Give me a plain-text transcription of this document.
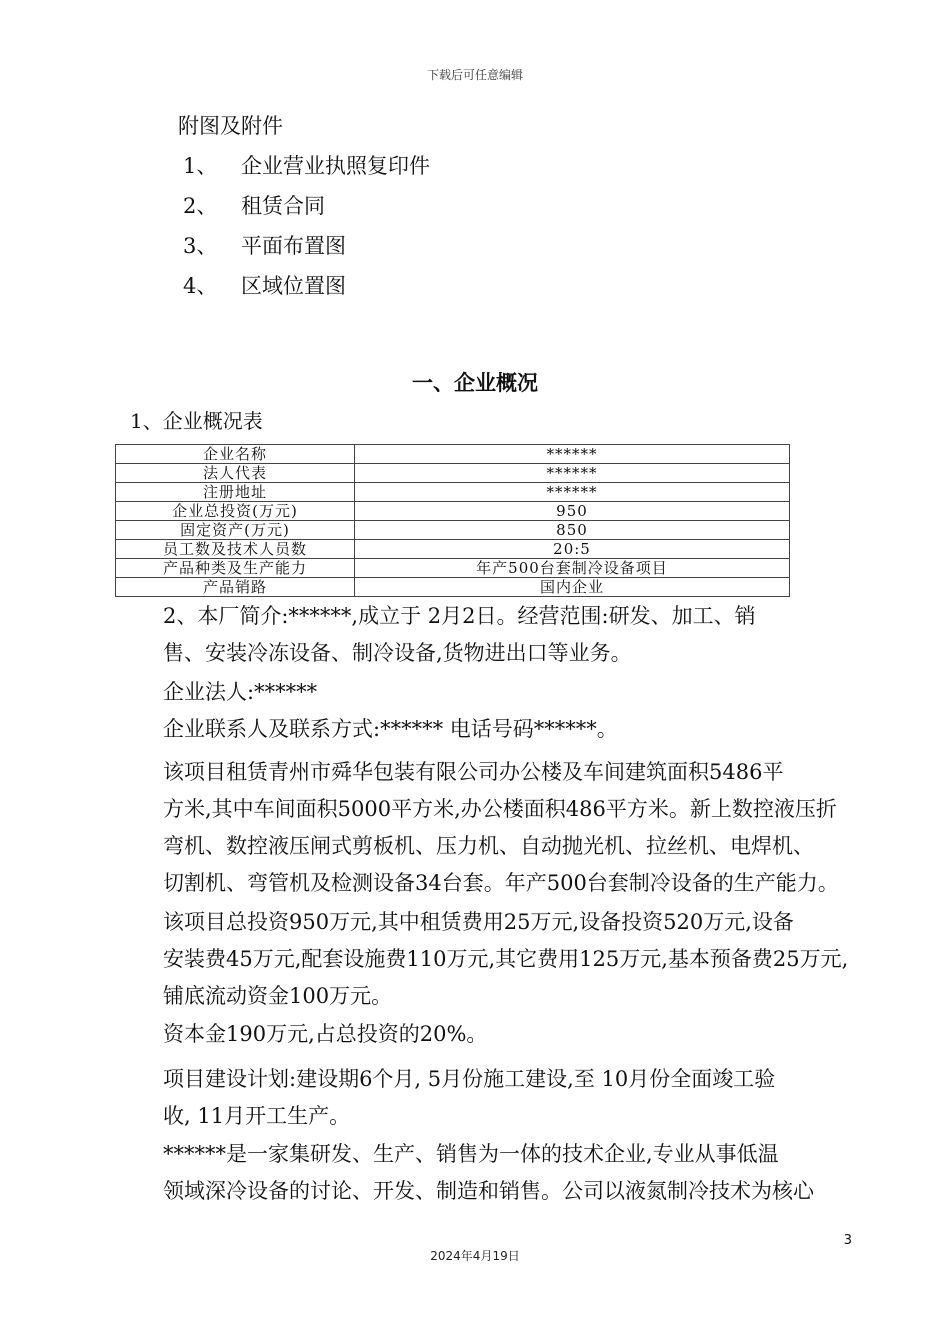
下载后可任意编辑
附图及附件
1、 企业营业执照复印件
2、 租赁合同
3、 平面布置图
4、 区域位置图
一、企业概况
1、企业概况表
企业名称	******
法人代表	******
注册地址	******
企业总投资(万元)	950
固定资产(万元)	850
员工数及技术人员数	20:5
产品种类及生产能力	年产500台套制冷设备项目
产品销路	国内企业
2、本厂简介:******,成立于 2月2日。经营范围:研发、加工、销
售、安装冷冻设备、制冷设备,货物进出口等业务。
企业法人:******
企业联系人及联系方式:****** 电话号码******。
该项目租赁青州市舜华包装有限公司办公楼及车间建筑面积5486平
方米,其中车间面积5000平方米,办公楼面积486平方米。新上数控液压折
弯机、数控液压闸式剪板机、压力机、自动抛光机、拉丝机、电焊机、
切割机、弯管机及检测设备34台套。年产500台套制冷设备的生产能力。
该项目总投资950万元,其中租赁费用25万元,设备投资520万元,设备
安装费45万元,配套设施费110万元,其它费用125万元,基本预备费25万元,
铺底流动资金100万元。
资本金190万元,占总投资的20%。
项目建设计划:建设期6个月, 5月份施工建设,至 10月份全面竣工验
收, 11月开工生产。
******是一家集研发、生产、销售为一体的技术企业,专业从事低温
领域深冷设备的讨论、开发、制造和销售。公司以液氮制冷技术为核心
3
2024年4月19日
